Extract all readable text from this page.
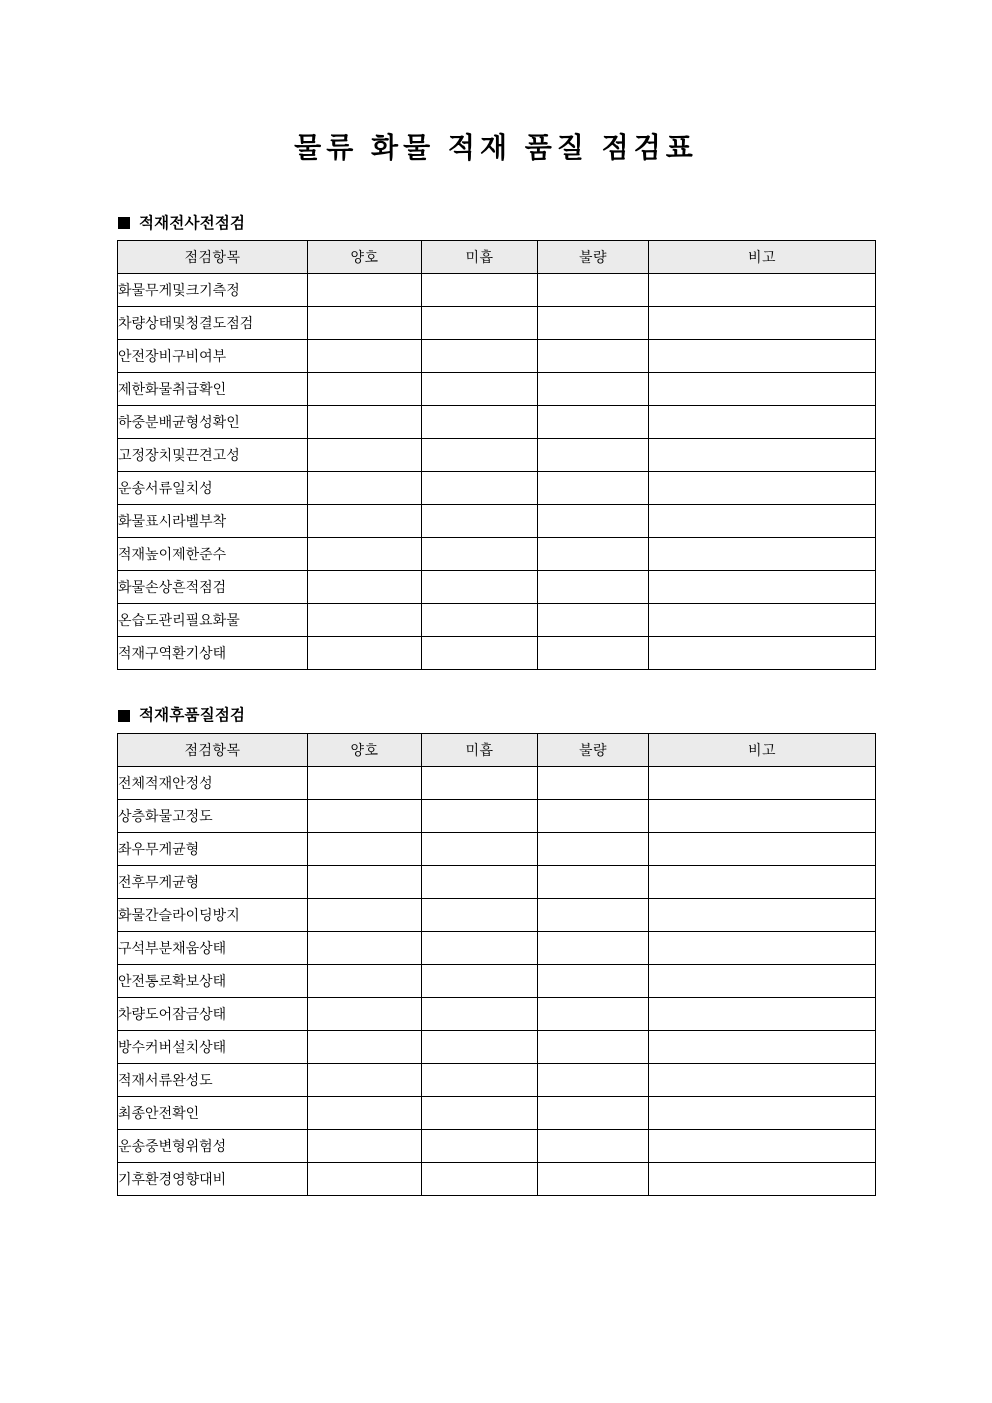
물류 화물 적재 품질 점검표
적재전사전점검
점검항목	양호	미흡	불량	비고
화물무게및크기측정				
차량상태및청결도점검				
안전장비구비여부				
제한화물취급확인				
하중분배균형성확인				
고정장치및끈견고성				
운송서류일치성				
화물표시라벨부착				
적재높이제한준수				
화물손상흔적점검				
온습도관리필요화물				
적재구역환기상태				
적재후품질점검
점검항목	양호	미흡	불량	비고
전체적재안정성				
상층화물고정도				
좌우무게균형				
전후무게균형				
화물간슬라이딩방지				
구석부분채움상태				
안전통로확보상태				
차량도어잠금상태				
방수커버설치상태				
적재서류완성도				
최종안전확인				
운송중변형위험성				
기후환경영향대비				
